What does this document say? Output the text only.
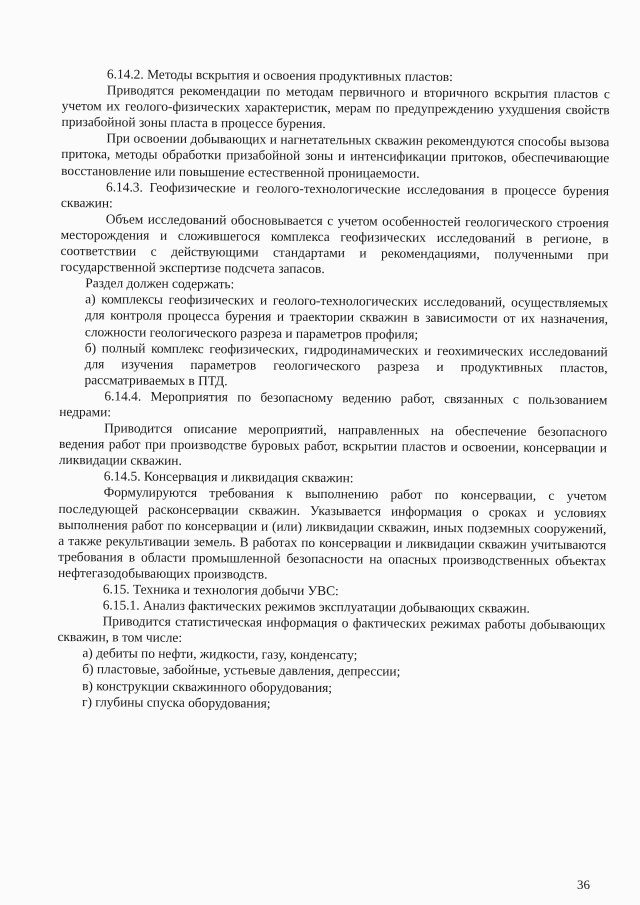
6.14.2. Методы вскрытия и освоения продуктивных пластов:

Приводятся рекомендации по методам первичного и вторичного вскрытия пластов с учетом их геолого-физических характеристик, мерам по предупреждению ухудшения свойств призабойной зоны пласта в процессе бурения.

При освоении добывающих и нагнетательных скважин рекомендуются способы вызова притока, методы обработки призабойной зоны и интенсификации притоков, обеспечивающие восстановление или повышение естественной проницаемости.

6.14.3. Геофизические и геолого-технологические исследования в процессе бурения скважин:

Объем исследований обосновывается с учетом особенностей геологического строения месторождения и сложившегося комплекса геофизических исследований в регионе, в соответствии с действующими стандартами и рекомендациями, полученными при государственной экспертизе подсчета запасов.

Раздел должен содержать:

а) комплексы геофизических и геолого-технологических исследований, осуществляемых для контроля процесса бурения и траектории скважин в зависимости от их назначения, сложности геологического разреза и параметров профиля;

б) полный комплекс геофизических, гидродинамических и геохимических исследований для изучения параметров геологического разреза и продуктивных пластов, рассматриваемых в ПТД.

6.14.4. Мероприятия по безопасному ведению работ, связанных с пользованием недрами:

Приводится описание мероприятий, направленных на обеспечение безопасного ведения работ при производстве буровых работ, вскрытии пластов и освоении, консервации и ликвидации скважин.

6.14.5. Консервация и ликвидация скважин:

Формулируются требования к выполнению работ по консервации, с учетом последующей расконсервации скважин. Указывается информация о сроках и условиях выполнения работ по консервации и (или) ликвидации скважин, иных подземных сооружений, а также рекультивации земель. В работах по консервации и ликвидации скважин учитываются требования в области промышленной безопасности на опасных производственных объектах нефтегазодобывающих производств.

6.15. Техника и технология добычи УВС:

6.15.1. Анализ фактических режимов эксплуатации добывающих скважин.

Приводится статистическая информация о фактических режимах работы добывающих скважин, в том числе:

а) дебиты по нефти, жидкости, газу, конденсату;

б) пластовые, забойные, устьевые давления, депрессии;

в) конструкции скважинного оборудования;

г) глубины спуска оборудования;

36
